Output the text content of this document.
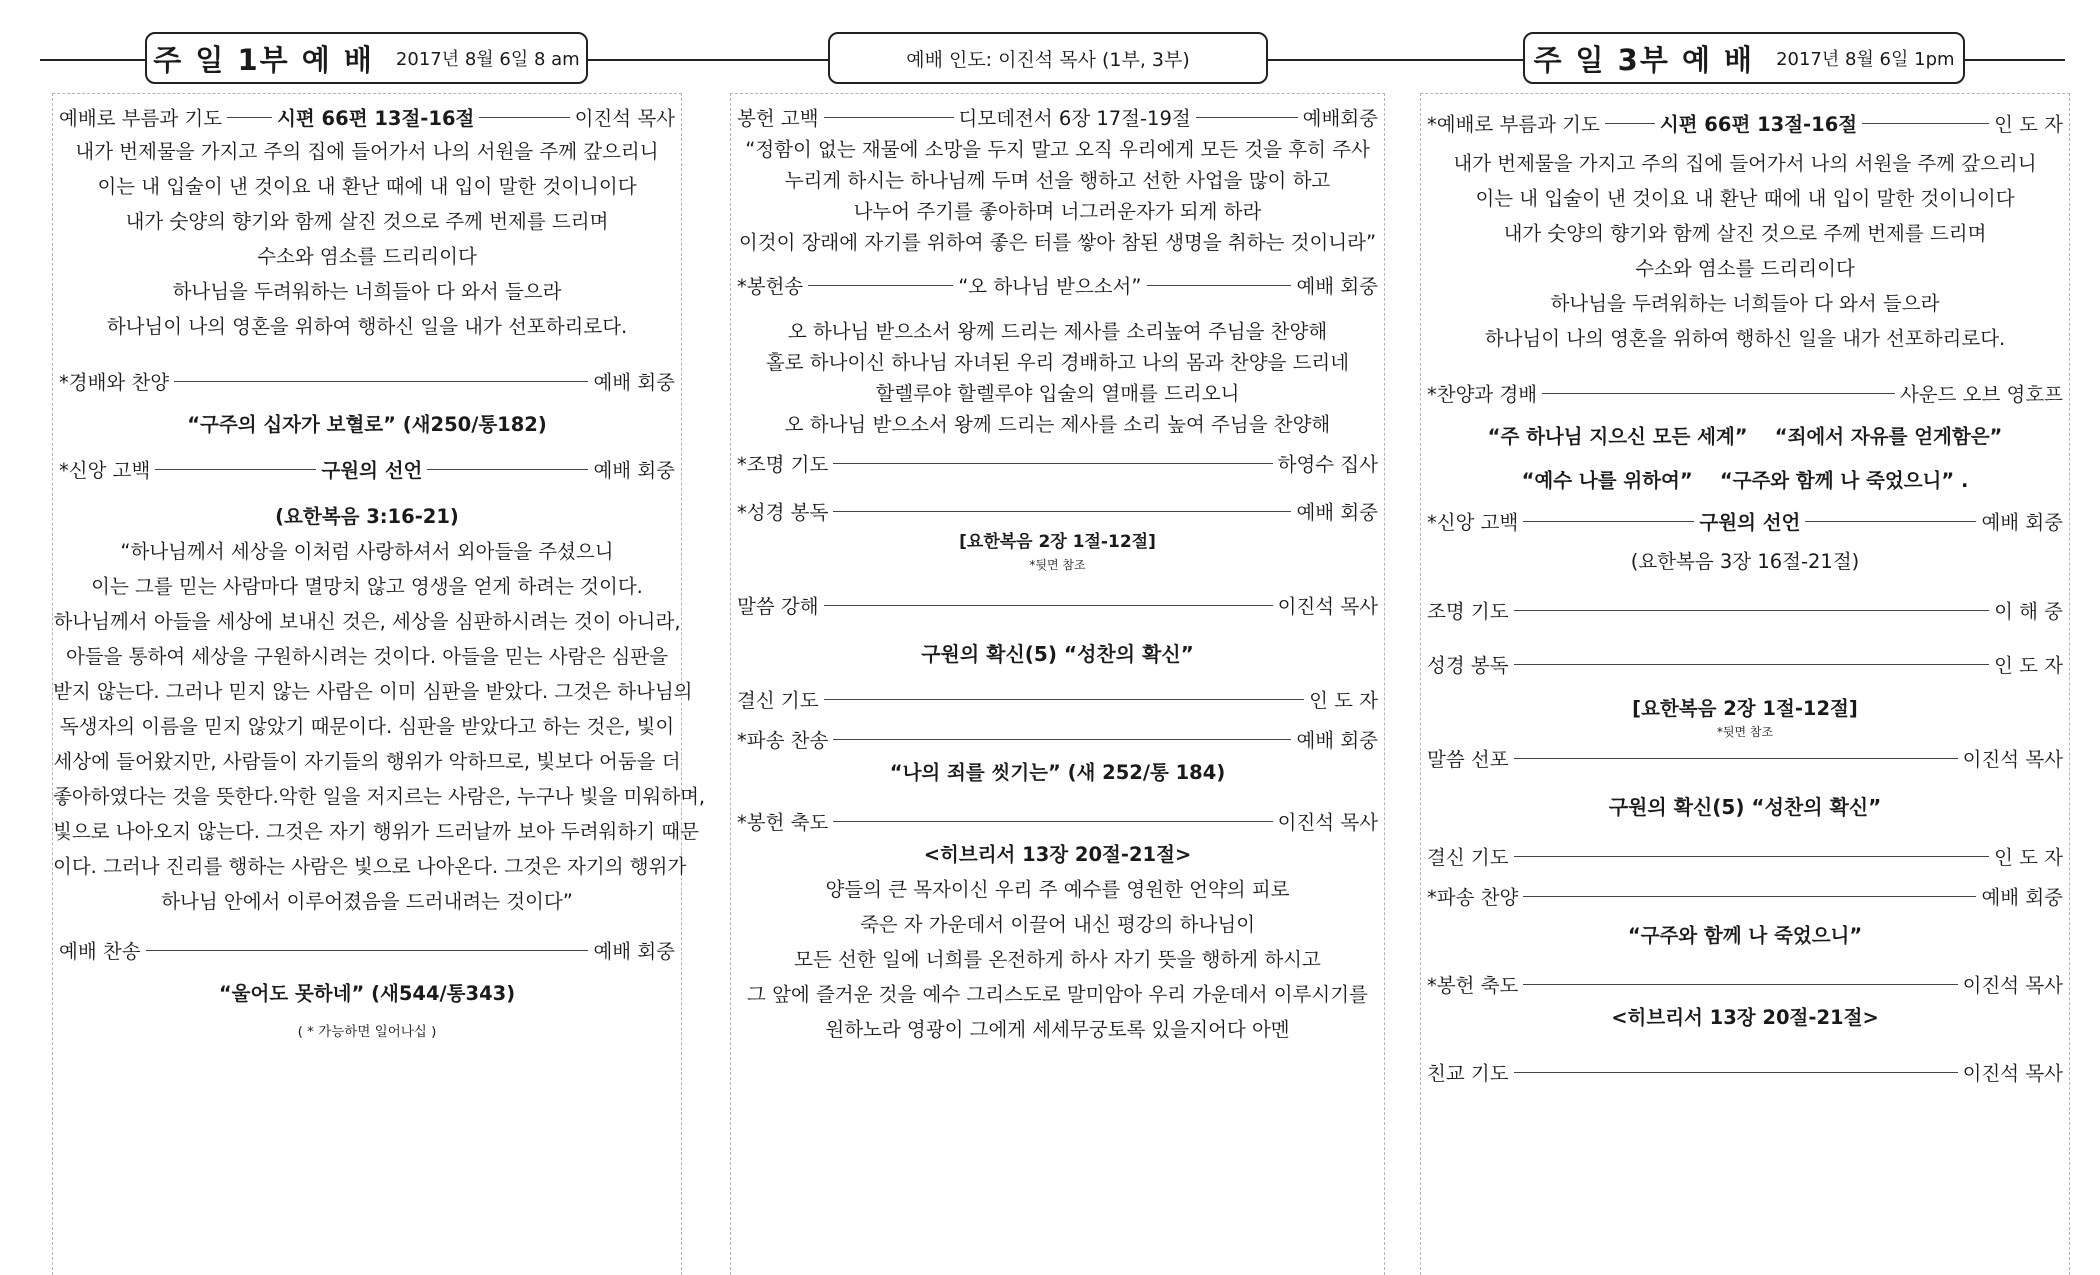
주 일 1부 예 배 2017년 8월 6일 8 am	예배 인도: 이진석 목사 (1부, 3부)	주 일 3부 예 배 2017년 8월 6일 1pm
예배로 부름과 기도	시편 66편 13절-16절	이진석 목사
내가 번제물을 가지고 주의 집에 들어가서 나의 서원을 주께 갚으리니
이는 내 입술이 낸 것이요 내 환난 때에 내 입이 말한 것이니이다
내가 숫양의 향기와 함께 살진 것으로 주께 번제를 드리며
수소와 염소를 드리리이다
하나님을 두려워하는 너희들아 다 와서 들으라
하나님이 나의 영혼을 위하여 행하신 일을 내가 선포하리로다.
*경배와 찬양	예배 회중
“구주의 십자가 보혈로” (새250/통182)
*신앙 고백	구원의 선언	예배 회중
(요한복음 3:16-21)
“하나님께서 세상을 이처럼 사랑하셔서 외아들을 주셨으니
이는 그를 믿는 사람마다 멸망치 않고 영생을 얻게 하려는 것이다.
하나님께서 아들을 세상에 보내신 것은, 세상을 심판하시려는 것이 아니라,
아들을 통하여 세상을 구원하시려는 것이다. 아들을 믿는 사람은 심판을
받지 않는다. 그러나 믿지 않는 사람은 이미 심판을 받았다. 그것은 하나님의
독생자의 이름을 믿지 않았기 때문이다. 심판을 받았다고 하는 것은, 빛이
세상에 들어왔지만, 사람들이 자기들의 행위가 악하므로, 빛보다 어둠을 더
좋아하였다는 것을 뜻한다.악한 일을 저지르는 사람은, 누구나 빛을 미워하며,
빛으로 나아오지 않는다. 그것은 자기 행위가 드러날까 보아 두려워하기 때문
이다. 그러나 진리를 행하는 사람은 빛으로 나아온다. 그것은 자기의 행위가
하나님 안에서 이루어졌음을 드러내려는 것이다”
예배 찬송	예배 회중
“울어도 못하네” (새544/통343)
( * 가능하면 일어나십 )
봉헌 고백	디모데전서 6장 17절-19절	예배회중
“정함이 없는 재물에 소망을 두지 말고 오직 우리에게 모든 것을 후히 주사
누리게 하시는 하나님께 두며 선을 행하고 선한 사업을 많이 하고
나누어 주기를 좋아하며 너그러운자가 되게 하라
이것이 장래에 자기를 위하여 좋은 터를 쌓아 참된 생명을 취하는 것이니라”
*봉헌송	“오 하나님 받으소서”	예배 회중
오 하나님 받으소서 왕께 드리는 제사를 소리높여 주님을 찬양해
홀로 하나이신 하나님 자녀된 우리 경배하고 나의 몸과 찬양을 드리네
할렐루야 할렐루야 입술의 열매를 드리오니
오 하나님 받으소서 왕께 드리는 제사를 소리 높여 주님을 찬양해
*조명 기도	하영수 집사
*성경 봉독	예배 회중
[요한복음 2장 1절-12절]
*뒷면 참조
말씀 강해	이진석 목사
구원의 확신(5) “성찬의 확신”
결신 기도	인 도 자
*파송 찬송	예배 회중
“나의 죄를 씻기는” (새 252/통 184)
*봉헌 축도	이진석 목사
<히브리서 13장 20절-21절>
양들의 큰 목자이신 우리 주 예수를 영원한 언약의 피로
죽은 자 가운데서 이끌어 내신 평강의 하나님이
모든 선한 일에 너희를 온전하게 하사 자기 뜻을 행하게 하시고
그 앞에 즐거운 것을 예수 그리스도로 말미암아 우리 가운데서 이루시기를
원하노라 영광이 그에게 세세무궁토록 있을지어다 아멘
*예배로 부름과 기도	시편 66편 13절-16절	인 도 자
내가 번제물을 가지고 주의 집에 들어가서 나의 서원을 주께 갚으리니
이는 내 입술이 낸 것이요 내 환난 때에 내 입이 말한 것이니이다
내가 숫양의 향기와 함께 살진 것으로 주께 번제를 드리며
수소와 염소를 드리리이다
하나님을 두려워하는 너희들아 다 와서 들으라
하나님이 나의 영혼을 위하여 행하신 일을 내가 선포하리로다.
*찬양과 경배	사운드 오브 영호프
“주 하나님 지으신 모든 세계”    “죄에서 자유를 얻게함은”
“예수 나를 위하여”    “구주와 함께 나 죽었으니” .
*신앙 고백	구원의 선언	예배 회중
(요한복음 3장 16절-21절)
조명 기도	이 해 중
성경 봉독	인 도 자
[요한복음 2장 1절-12절]
*뒷면 참조
말씀 선포	이진석 목사
구원의 확신(5) “성찬의 확신”
결신 기도	인 도 자
*파송 찬양	예배 회중
“구주와 함께 나 죽었으니”
*봉헌 축도	이진석 목사
<히브리서 13장 20절-21절>
친교 기도	이진석 목사
